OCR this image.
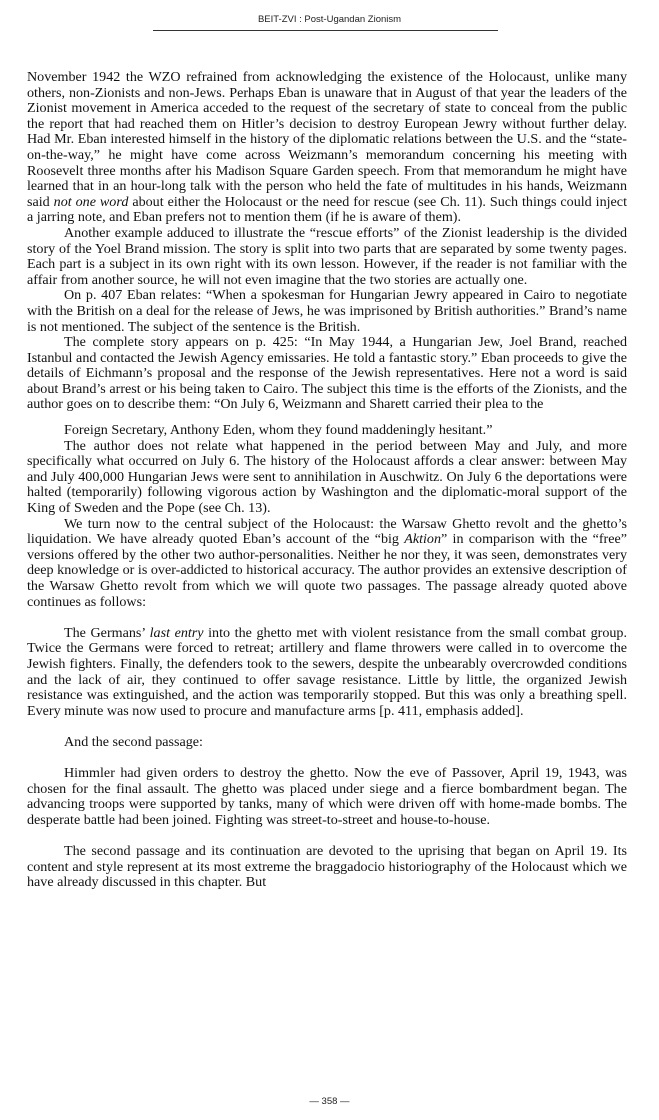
BEIT-ZVI : Post-Ugandan Zionism

November 1942 the WZO refrained from acknowledging the existence of the Holocaust, unlike many others, non-Zionists and non-Jews. Perhaps Eban is unaware that in August of that year the leaders of the Zionist movement in America acceded to the request of the secretary of state to conceal from the public the report that had reached them on Hitler’s decision to destroy European Jewry without further delay. Had Mr. Eban interested himself in the history of the diplomatic relations between the U.S. and the “state-on-the-way,” he might have come across Weizmann’s memorandum concerning his meeting with Roosevelt three months after his Madison Square Garden speech. From that memorandum he might have learned that in an hour-long talk with the person who held the fate of multitudes in his hands, Weizmann said not one word about either the Holocaust or the need for rescue (see Ch. 11). Such things could inject a jarring note, and Eban prefers not to mention them (if he is aware of them).

Another example adduced to illustrate the “rescue efforts” of the Zionist leadership is the divided story of the Yoel Brand mission. The story is split into two parts that are separated by some twenty pages. Each part is a subject in its own right with its own lesson. However, if the reader is not familiar with the affair from another source, he will not even imagine that the two stories are actually one.

On p. 407 Eban relates: “When a spokesman for Hungarian Jewry appeared in Cairo to negotiate with the British on a deal for the release of Jews, he was imprisoned by British authorities.” Brand’s name is not mentioned. The subject of the sentence is the British.

The complete story appears on p. 425: “In May 1944, a Hungarian Jew, Joel Brand, reached Istanbul and contacted the Jewish Agency emissaries. He told a fantastic story.” Eban proceeds to give the details of Eichmann’s proposal and the response of the Jewish representatives. Here not a word is said about Brand’s arrest or his being taken to Cairo. The subject this time is the efforts of the Zionists, and the author goes on to describe them: “On July 6, Weizmann and Sharett carried their plea to the

Foreign Secretary, Anthony Eden, whom they found maddeningly hesitant.”

The author does not relate what happened in the period between May and July, and more specifically what occurred on July 6. The history of the Holocaust affords a clear answer: between May and July 400,000 Hungarian Jews were sent to annihilation in Auschwitz. On July 6 the deportations were halted (temporarily) following vigorous action by Washington and the diplomatic-moral support of the King of Sweden and the Pope (see Ch. 13).

We turn now to the central subject of the Holocaust: the Warsaw Ghetto revolt and the ghetto’s liquidation. We have already quoted Eban’s account of the “big Aktion” in comparison with the “free” versions offered by the other two author-personalities. Neither he nor they, it was seen, demonstrates very deep knowledge or is over-addicted to historical accuracy. The author provides an extensive description of the Warsaw Ghetto revolt from which we will quote two passages. The passage already quoted above continues as follows:

The Germans’ last entry into the ghetto met with violent resistance from the small combat group. Twice the Germans were forced to retreat; artillery and flame throwers were called in to overcome the Jewish fighters. Finally, the defenders took to the sewers, despite the unbearably overcrowded conditions and the lack of air, they continued to offer savage resistance. Little by little, the organized Jewish resistance was extinguished, and the action was temporarily stopped. But this was only a breathing spell. Every minute was now used to procure and manufacture arms [p. 411, emphasis added].

And the second passage:

Himmler had given orders to destroy the ghetto. Now the eve of Passover, April 19, 1943, was chosen for the final assault. The ghetto was placed under siege and a fierce bombardment began. The advancing troops were supported by tanks, many of which were driven off with home-made bombs. The desperate battle had been joined. Fighting was street-to-street and house-to-house.

The second passage and its continuation are devoted to the uprising that began on April 19. Its content and style represent at its most extreme the braggadocio historiography of the Holocaust which we have already discussed in this chapter. But

— 358 —
